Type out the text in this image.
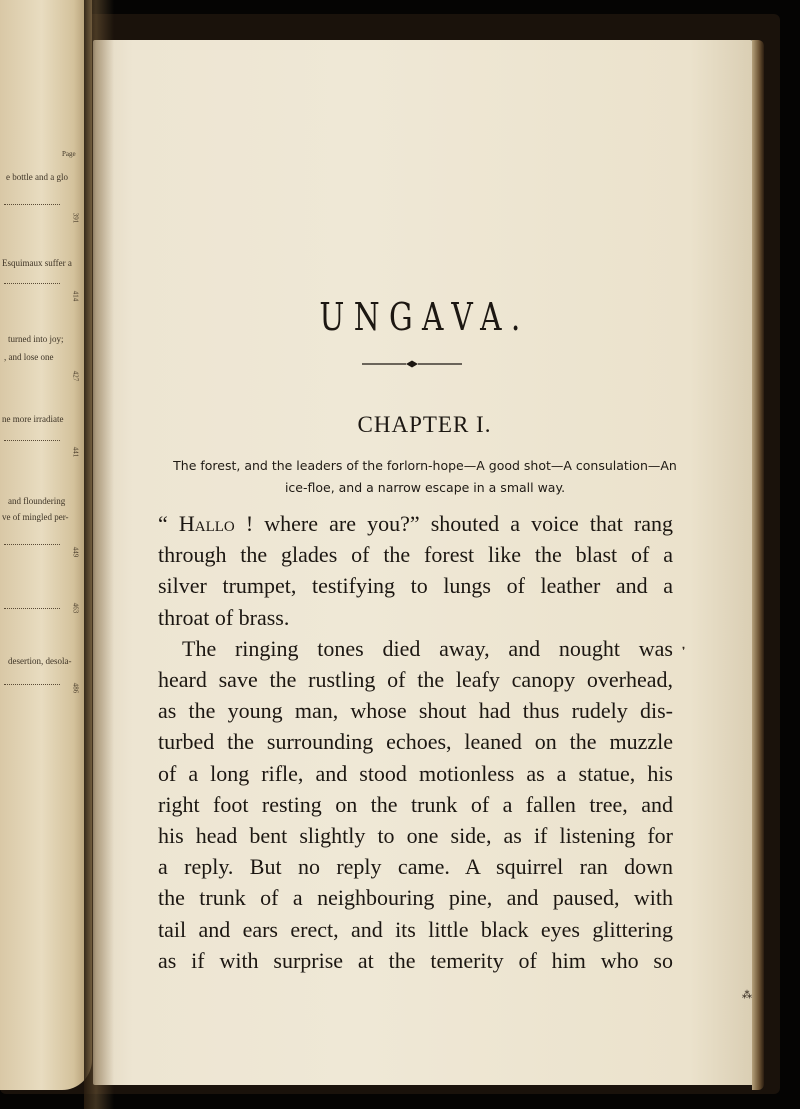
Page
e bottle and a glo
391
Esquimaux suffer a
414
turned into joy;
, and lose one
427
ne more irradiate
441
and floundering
ve of mingled per-
449
463
desertion, desola-
486
UNGAVA.
CHAPTER I.
The forest, and the leaders of the forlorn-hope—A good shot—A consulation—An
ice-floe, and a narrow escape in a small way.
“ Hallo ! where are you?” shouted a voice that rang
through the glades of the forest like the blast of a
silver trumpet, testifying to lungs of leather and a
throat of brass.
The ringing tones died away, and nought was
heard save the rustling of the leafy canopy overhead,
as the young man, whose shout had thus rudely dis-
turbed the surrounding echoes, leaned on the muzzle
of a long rifle, and stood motionless as a statue, his
right foot resting on the trunk of a fallen tree, and
his head bent slightly to one side, as if listening for
a reply. But no reply came. A squirrel ran down
the trunk of a neighbouring pine, and paused, with
tail and ears erect, and its little black eyes glittering
as if with surprise at the temerity of him who so
❜
⁂
